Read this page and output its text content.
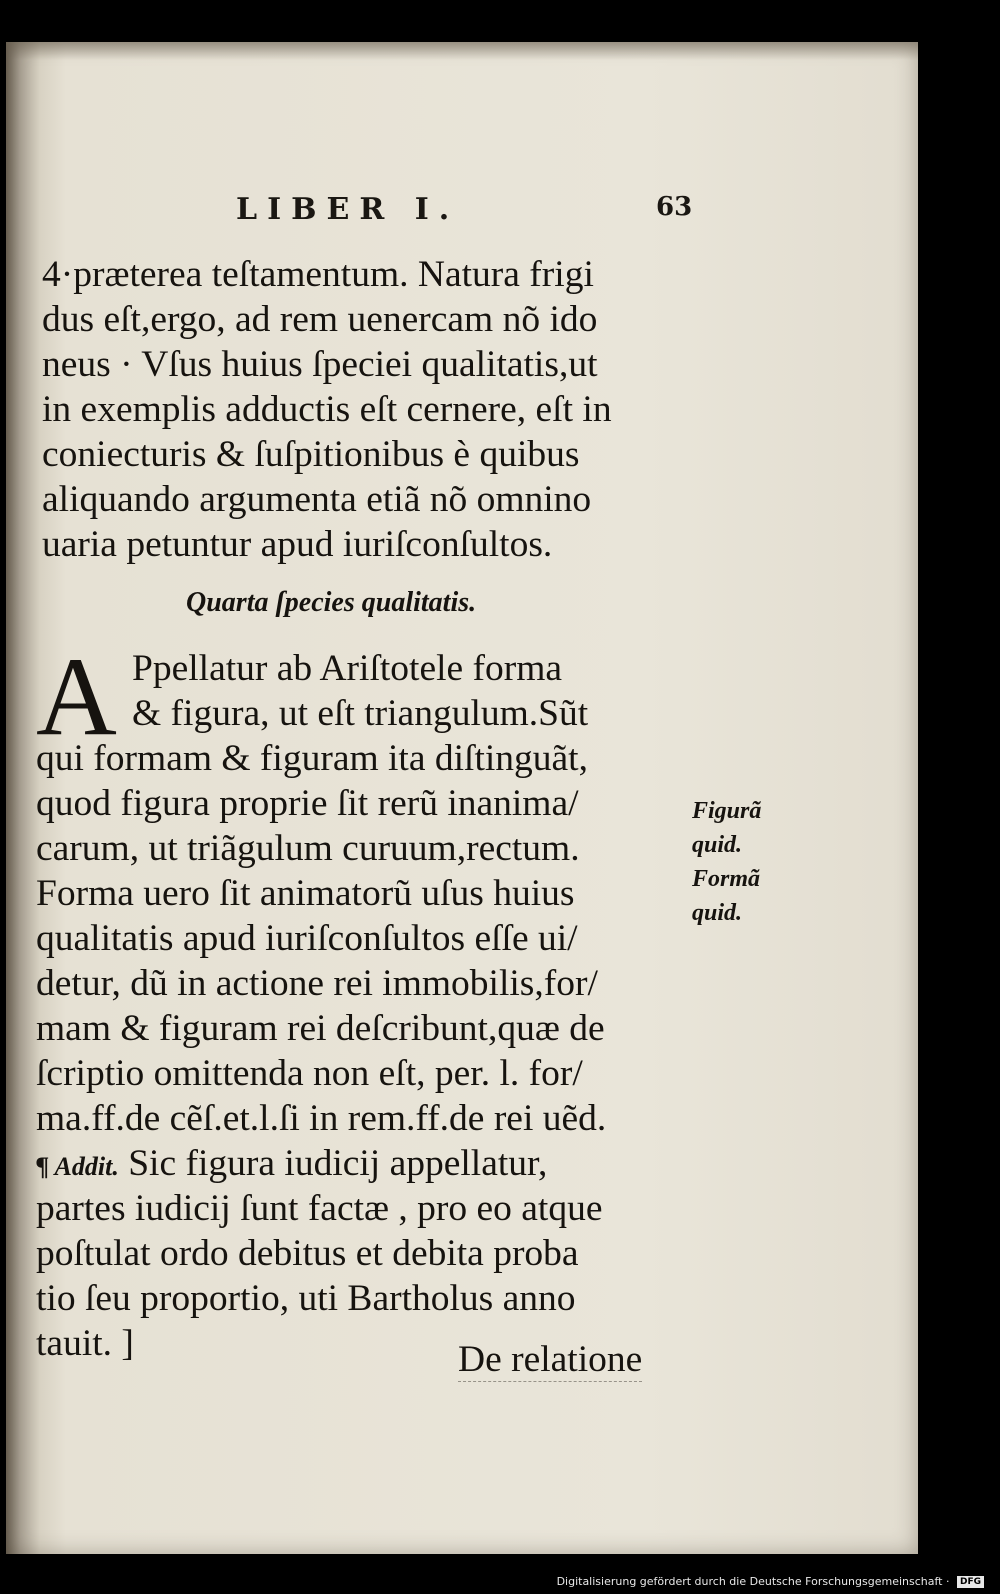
LIBER I.	63
4·præterea teſtamentum. Natura frigi
dus eſt,ergo, ad rem uenercam nõ ido
neus · Vſus huius ſpeciei qualitatis,ut
in exemplis adductis eſt cernere, eſt in
coniecturis & ſuſpitionibus è quibus
aliquando argumenta etiã nõ omnino
uaria petuntur apud iuriſconſultos.
Quarta ſpecies qualitatis.
A Ppellatur ab Ariſtotele forma
& figura, ut eſt triangulum.Sũt
qui formam & figuram ita diſtinguãt,
quod figura proprie ſit rerũ inanima/
carum, ut triãgulum curuum,rectum.
Forma uero ſit animatorũ uſus huius
qualitatis apud iuriſconſultos eſſe ui/
detur, dũ in actione rei immobilis,for/
mam & figuram rei deſcribunt,quæ de
ſcriptio omittenda non eſt, per. l. for/
ma.ff.de cẽſ.et.l.ſi in rem.ff.de rei uẽd.
¶ Addit. Sic figura iudicij appellatur,
partes iudicij ſunt factæ , pro eo atque
poſtulat ordo debitus et debita proba
tio ſeu proportio, uti Bartholus anno
tauit. ]
Figurã
quid.
Formã
quid.
De relatione
Digitalisierung gefördert durch die Deutsche Forschungsgemeinschaft · DFG
